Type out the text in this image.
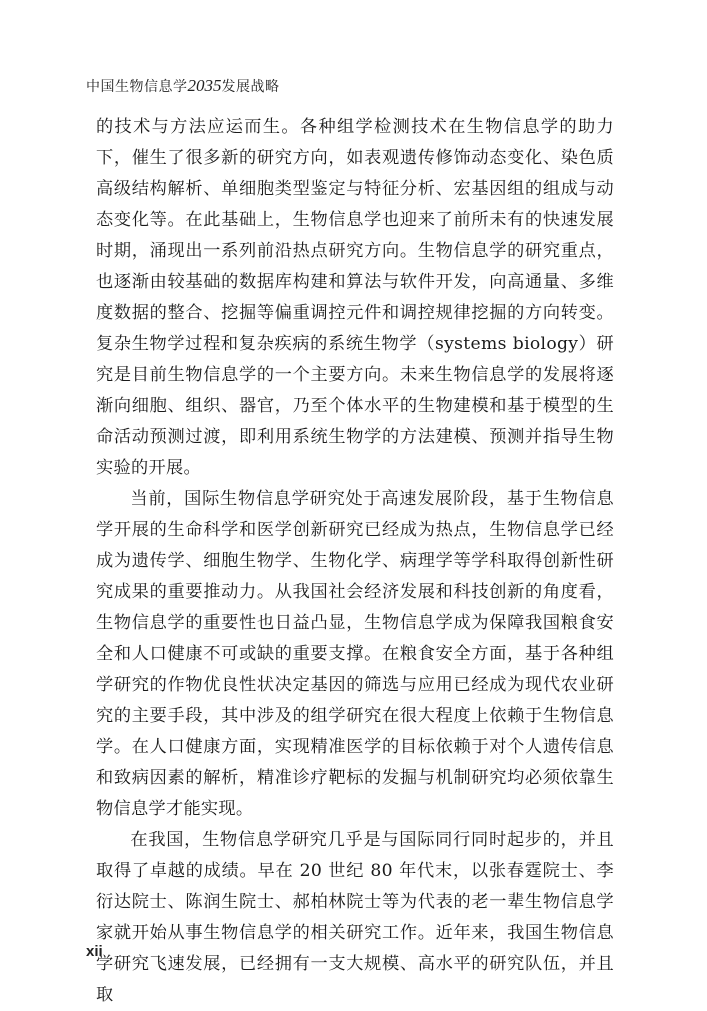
中国生物信息学2035发展战略

的技术与方法应运而生。各种组学检测技术在生物信息学的助力下，催生了很多新的研究方向，如表观遗传修饰动态变化、染色质高级结构解析、单细胞类型鉴定与特征分析、宏基因组的组成与动态变化等。在此基础上，生物信息学也迎来了前所未有的快速发展时期，涌现出一系列前沿热点研究方向。生物信息学的研究重点，也逐渐由较基础的数据库构建和算法与软件开发，向高通量、多维度数据的整合、挖掘等偏重调控元件和调控规律挖掘的方向转变。复杂生物学过程和复杂疾病的系统生物学（systems biology）研究是目前生物信息学的一个主要方向。未来生物信息学的发展将逐渐向细胞、组织、器官，乃至个体水平的生物建模和基于模型的生命活动预测过渡，即利用系统生物学的方法建模、预测并指导生物实验的开展。

当前，国际生物信息学研究处于高速发展阶段，基于生物信息学开展的生命科学和医学创新研究已经成为热点，生物信息学已经成为遗传学、细胞生物学、生物化学、病理学等学科取得创新性研究成果的重要推动力。从我国社会经济发展和科技创新的角度看，生物信息学的重要性也日益凸显，生物信息学成为保障我国粮食安全和人口健康不可或缺的重要支撑。在粮食安全方面，基于各种组学研究的作物优良性状决定基因的筛选与应用已经成为现代农业研究的主要手段，其中涉及的组学研究在很大程度上依赖于生物信息学。在人口健康方面，实现精准医学的目标依赖于对个人遗传信息和致病因素的解析，精准诊疗靶标的发掘与机制研究均必须依靠生物信息学才能实现。

在我国，生物信息学研究几乎是与国际同行同时起步的，并且取得了卓越的成绩。早在 20 世纪 80 年代末，以张春霆院士、李衍达院士、陈润生院士、郝柏林院士等为代表的老一辈生物信息学家就开始从事生物信息学的相关研究工作。近年来，我国生物信息学研究飞速发展，已经拥有一支大规模、高水平的研究队伍，并且取

xii
